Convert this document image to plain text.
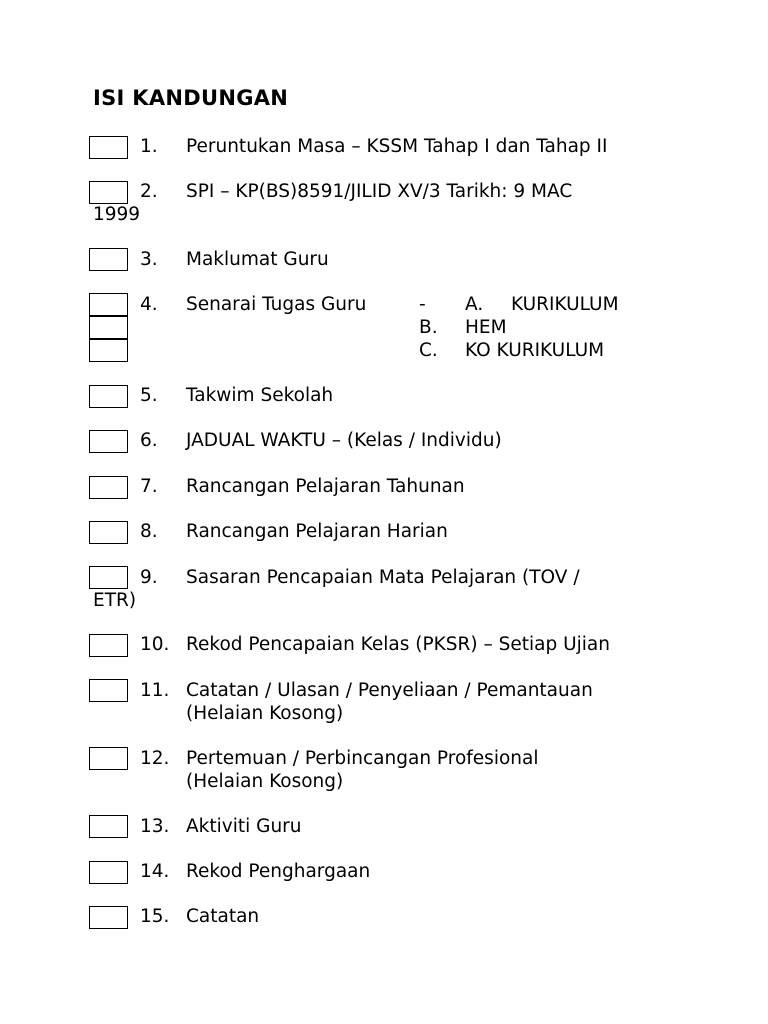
ISI KANDUNGAN
1. Peruntukan Masa – KSSM Tahap I dan Tahap II
2. SPI – KP(BS)8591/JILID XV/3 Tarikh: 9 MAC
1999
3. Maklumat Guru
4. Senarai Tugas Guru	- A. KURIKULUM
B. HEM
C. KO KURIKULUM
5. Takwim Sekolah
6. JADUAL WAKTU – (Kelas / Individu)
7. Rancangan Pelajaran Tahunan
8. Rancangan Pelajaran Harian
9. Sasaran Pencapaian Mata Pelajaran (TOV /
ETR)
10. Rekod Pencapaian Kelas (PKSR) – Setiap Ujian
11. Catatan / Ulasan / Penyeliaan / Pemantauan
(Helaian Kosong)
12. Pertemuan / Perbincangan Profesional
(Helaian Kosong)
13. Aktiviti Guru
14. Rekod Penghargaan
15. Catatan
